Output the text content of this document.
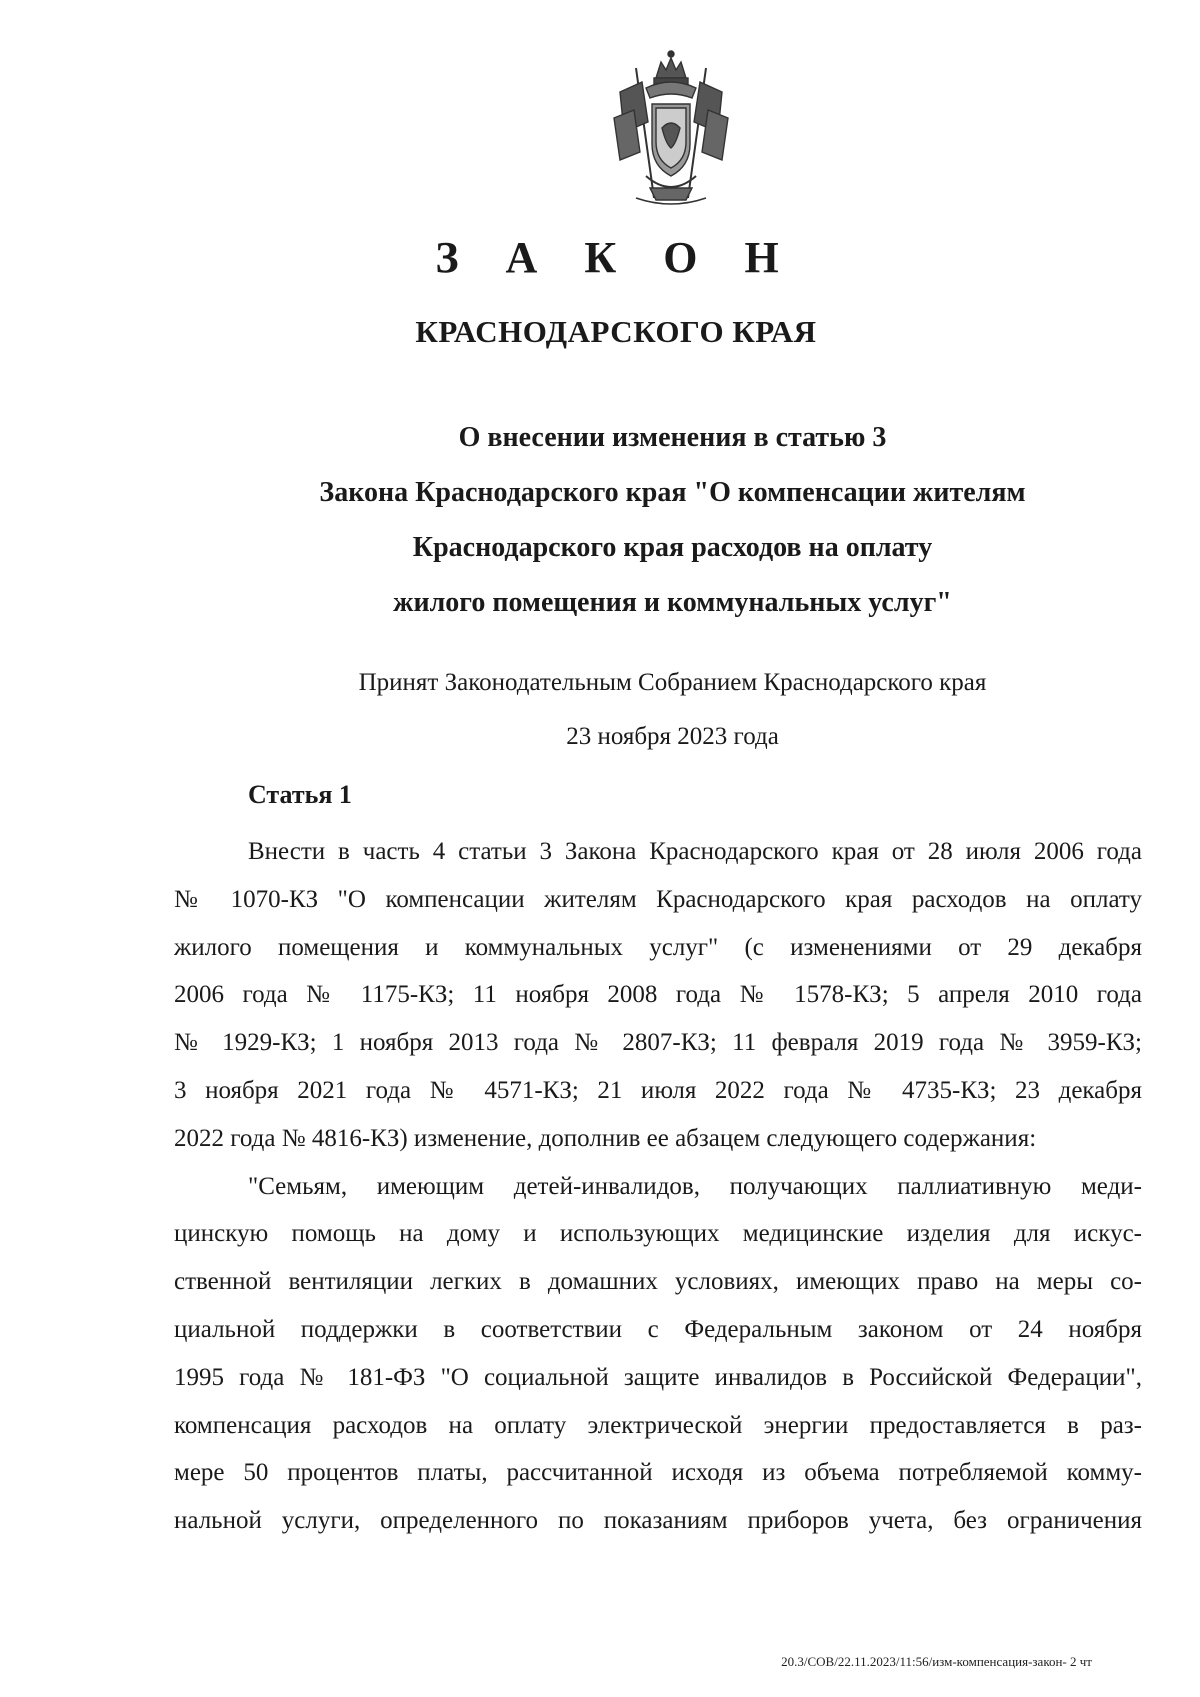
З А К О Н
КРАСНОДАРСКОГО КРАЯ
О внесении изменения в статью 3
Закона Краснодарского края "О компенсации жителям
Краснодарского края расходов на оплату
жилого помещения и коммунальных услуг"
Принят Законодательным Собранием Краснодарского края
23 ноября 2023 года
Статья 1
Внести в часть 4 статьи 3 Закона Краснодарского края от 28 июля 2006 года
№ 1070-КЗ "О компенсации жителям Краснодарского края расходов на оплату
жилого помещения и коммунальных услуг" (с изменениями от 29 декабря
2006 года № 1175-КЗ; 11 ноября 2008 года № 1578-КЗ; 5 апреля 2010 года
№ 1929-КЗ; 1 ноября 2013 года № 2807-КЗ; 11 февраля 2019 года № 3959-КЗ;
3 ноября 2021 года № 4571-КЗ; 21 июля 2022 года № 4735-КЗ; 23 декабря
2022 года № 4816-КЗ) изменение, дополнив ее абзацем следующего содержания:
"Семьям, имеющим детей-инвалидов, получающих паллиативную меди-
цинскую помощь на дому и использующих медицинские изделия для искус-
ственной вентиляции легких в домашних условиях, имеющих право на меры со-
циальной поддержки в соответствии с Федеральным законом от 24 ноября
1995 года № 181-ФЗ "О социальной защите инвалидов в Российской Федерации",
компенсация расходов на оплату электрической энергии предоставляется в раз-
мере 50 процентов платы, рассчитанной исходя из объема потребляемой комму-
нальной услуги, определенного по показаниям приборов учета, без ограничения
20.3/СОВ/22.11.2023/11:56/изм-компенсация-закон- 2 чт
